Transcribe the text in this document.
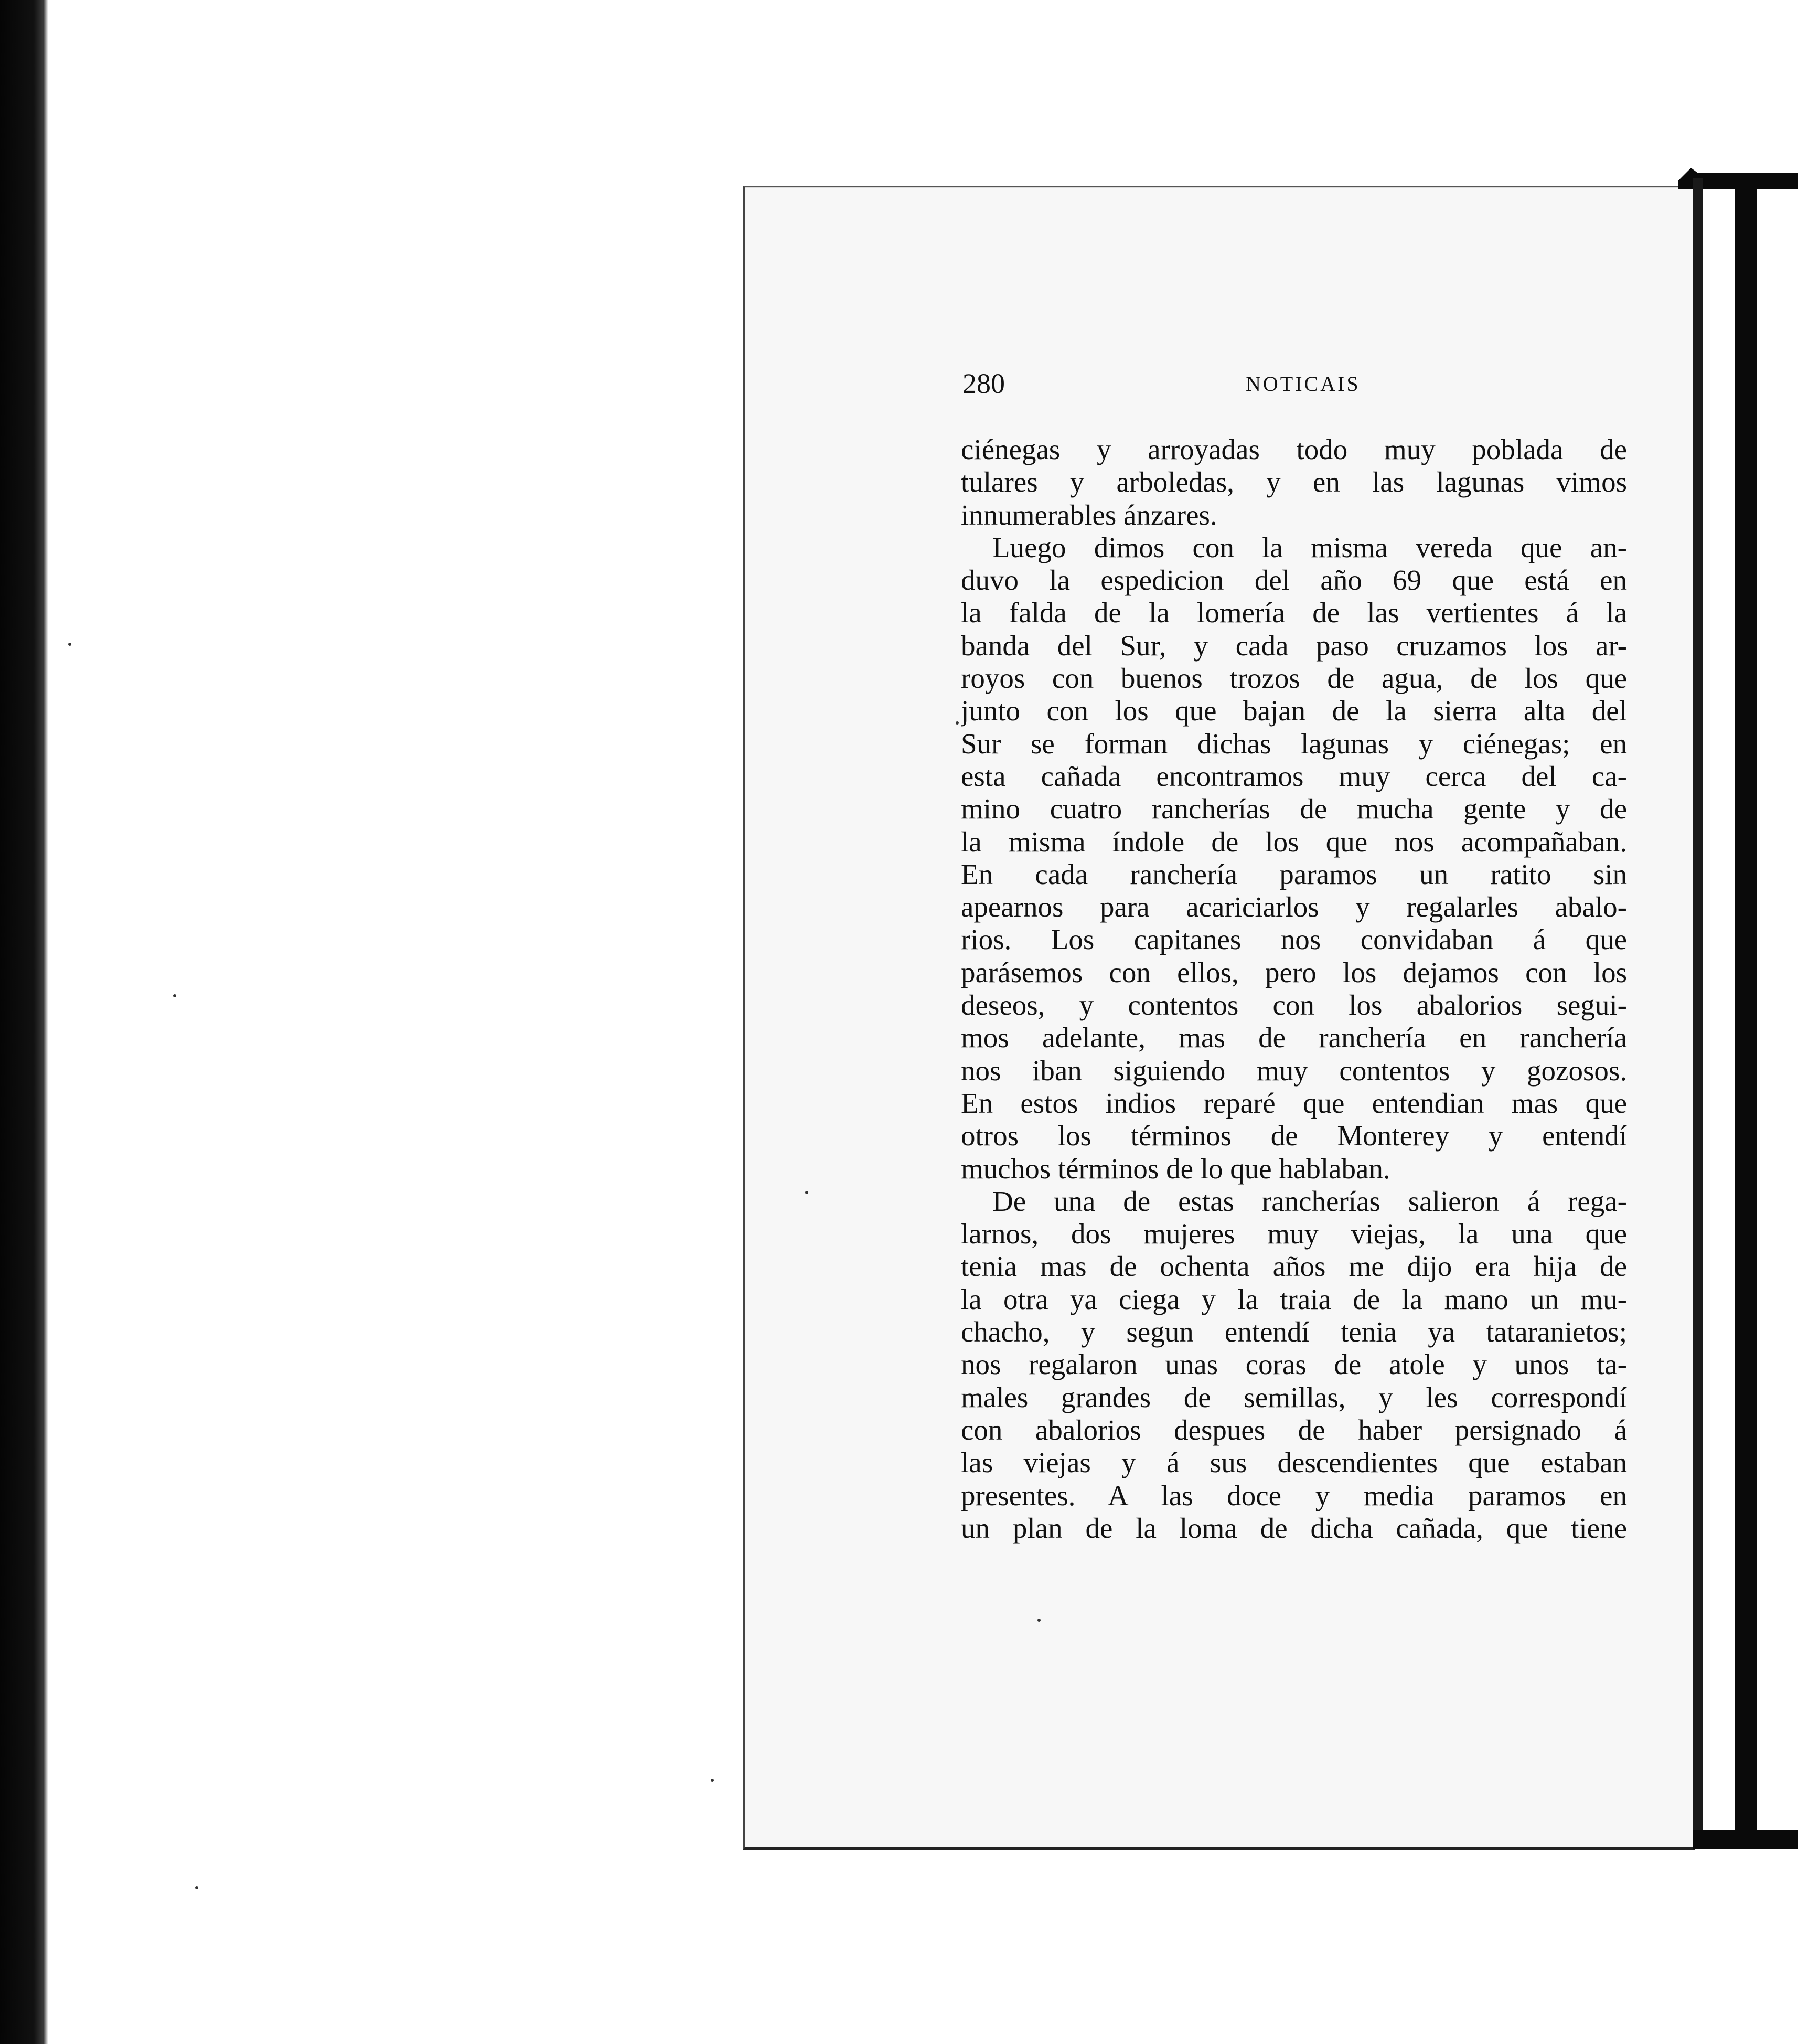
280	NOTICAIS
ciénegas y arroyadas todo muy poblada de
tulares y arboledas, y en las lagunas vimos
innumerables ánzares.
Luego dimos con la misma vereda que an-
duvo la espedicion del año 69 que está en
la falda de la lomería de las vertientes á la
banda del Sur, y cada paso cruzamos los ar-
royos con buenos trozos de agua, de los que
junto con los que bajan de la sierra alta del
Sur se forman dichas lagunas y ciénegas; en
esta cañada encontramos muy cerca del ca-
mino cuatro rancherías de mucha gente y de
la misma índole de los que nos acompañaban.
En cada ranchería paramos un ratito sin
apearnos para acariciarlos y regalarles abalo-
rios. Los capitanes nos convidaban á que
parásemos con ellos, pero los dejamos con los
deseos, y contentos con los abalorios segui-
mos adelante, mas de ranchería en ranchería
nos iban siguiendo muy contentos y gozosos.
En estos indios reparé que entendian mas que
otros los términos de Monterey y entendí
muchos términos de lo que hablaban.
De una de estas rancherías salieron á rega-
larnos, dos mujeres muy viejas, la una que
tenia mas de ochenta años me dijo era hija de
la otra ya ciega y la traia de la mano un mu-
chacho, y segun entendí tenia ya tataranietos;
nos regalaron unas coras de atole y unos ta-
males grandes de semillas, y les correspondí
con abalorios despues de haber persignado á
las viejas y á sus descendientes que estaban
presentes. A las doce y media paramos en
un plan de la loma de dicha cañada, que tiene
